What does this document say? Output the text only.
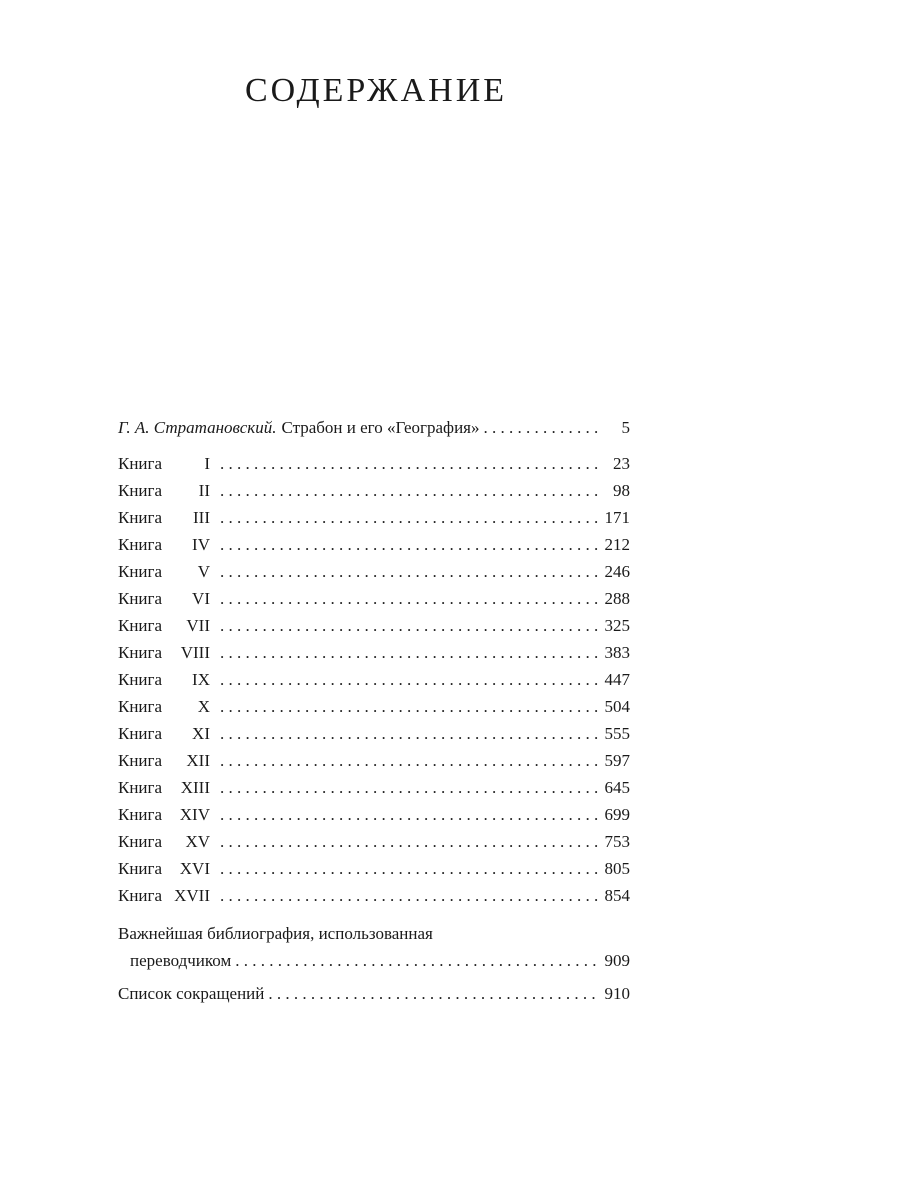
СОДЕРЖАНИЕ
Г. А. Стратановский. Страбон и его «География» . . .	5
Книга	I . . .	23
Книга	II . . .	98
Книга	III . . .	171
Книга	IV . . .	212
Книга	V . . .	246
Книга	VI . . .	288
Книга	VII . . .	325
Книга	VIII . . .	383
Книга	IX . . .	447
Книга	X . . .	504
Книга	XI . . .	555
Книга	XII . . .	597
Книга	XIII . . .	645
Книга	XIV . . .	699
Книга	XV . . .	753
Книга	XVI . . .	805
Книга XVII . . .	854
Важнейшая библиография, использованная
переводчиком . . .	909
Список сокращений . . .	910
